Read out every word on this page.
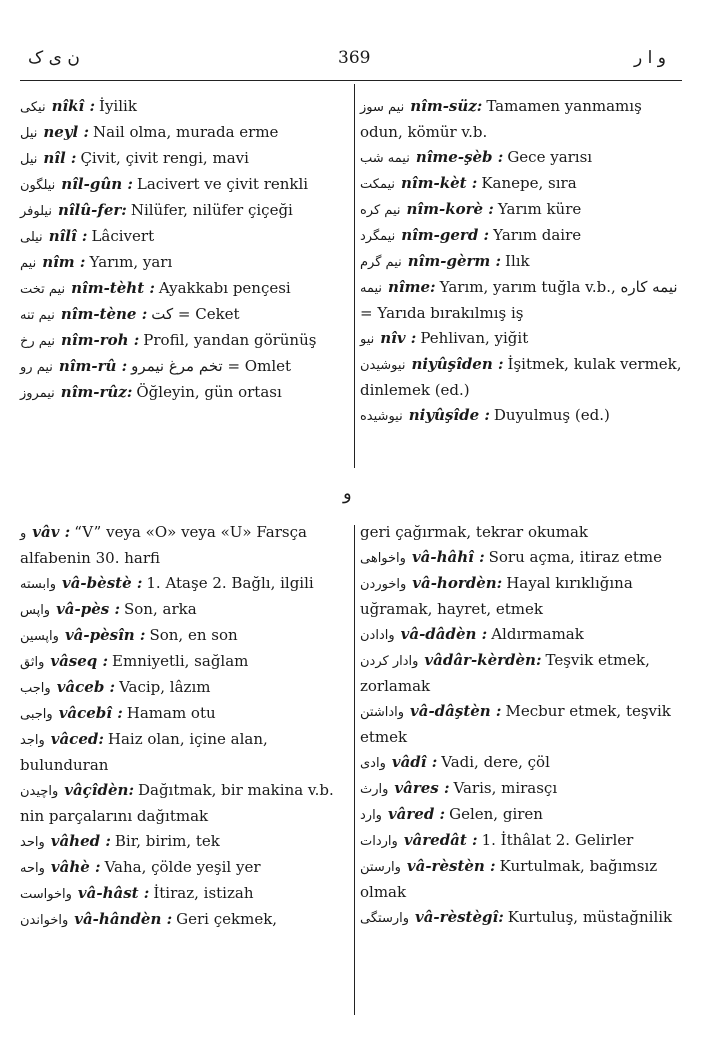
ن ی ک	369	و ا ر
و

نیکی nîkî : İyilik

نیل neyl : Nail olma, murada erme

نیل nîl : Çivit, çivit rengi, mavi

نیلگون nîl-gûn : Lacivert ve çivit renkli

نیلوفر nîlû-fer: Nilüfer, nilüfer çiçeği

نیلی nîlî : Lâcivert

نیم nîm : Yarım, yarı

نیم تخت nîm-tèht : Ayakkabı pençesi

نیم تنه nîm-tène : کت = Ceket

نیم رخ nîm-roh : Profil, yandan görünüş

نیم رو nîm-rû : تخم مرغ نیمرو = Omlet

نیمروز nîm-rûz: Öğleyin, gün ortası

نیم سوز nîm-süz: Tamamen yanmamış odun, kömür v.b.

نیمه شب nîme-şèb : Gece yarısı

نیمکت nîm-kèt : Kanepe, sıra

نیم کره nîm-korè : Yarım küre

نیمگرد nîm-gerd : Yarım daire

نیم گرم nîm-gèrm : Ilık

نیمه nîme: Yarım, yarım tuğla v.b., نیمه کاره = Yarıda bırakılmış iş

نیو nîv : Pehlivan, yiğit

نیوشیدن niyûşîden : İşitmek, kulak vermek, dinlemek (ed.)

نیوشیده niyûşîde : Duyulmuş (ed.)

و vâv : “V” veya «O» veya «U» Farsça alfabenin 30. harfi

وابسته vâ-bèstè : 1. Ataşe 2. Bağlı, ilgili

واپس vâ-pès : Son, arka

واپسین vâ-pèsîn : Son, en son

واثق vâseq : Emniyetli, sağlam

واجب vâceb : Vacip, lâzım

واجبی vâcebî : Hamam otu

واجد vâced: Haiz olan, içine alan, bulunduran

واچیدن vâçîdèn: Dağıtmak, bir makina v.b. nin parçalarını dağıtmak

واحد vâhed : Bir, birim, tek

واحه vâhè : Vaha, çölde yeşil yer

واخواست vâ-hâst : İtiraz, istizah

واخواندن vâ-hândèn : Geri çekmek,

geri çağırmak, tekrar okumak

واخواهی vâ-hâhî : Soru açma, itiraz etme

واخوردن vâ-hordèn: Hayal kırıklığına uğramak, hayret, etmek

وادادن vâ-dâdèn : Aldırmamak

وادار کردن vâdâr-kèrdèn: Teşvik etmek, zorlamak

واداشتن vâ-dâştèn : Mecbur etmek, teşvik etmek

وادی vâdî : Vadi, dere, çöl

وارث vâres : Varis, mirasçı

وارد vâred : Gelen, giren

واردات vâredât : 1. İthâlat 2. Gelirler

وارستن vâ-rèstèn : Kurtulmak, bağımsız olmak

وارستگی vâ-rèstègî: Kurtuluş, müstağnilik
